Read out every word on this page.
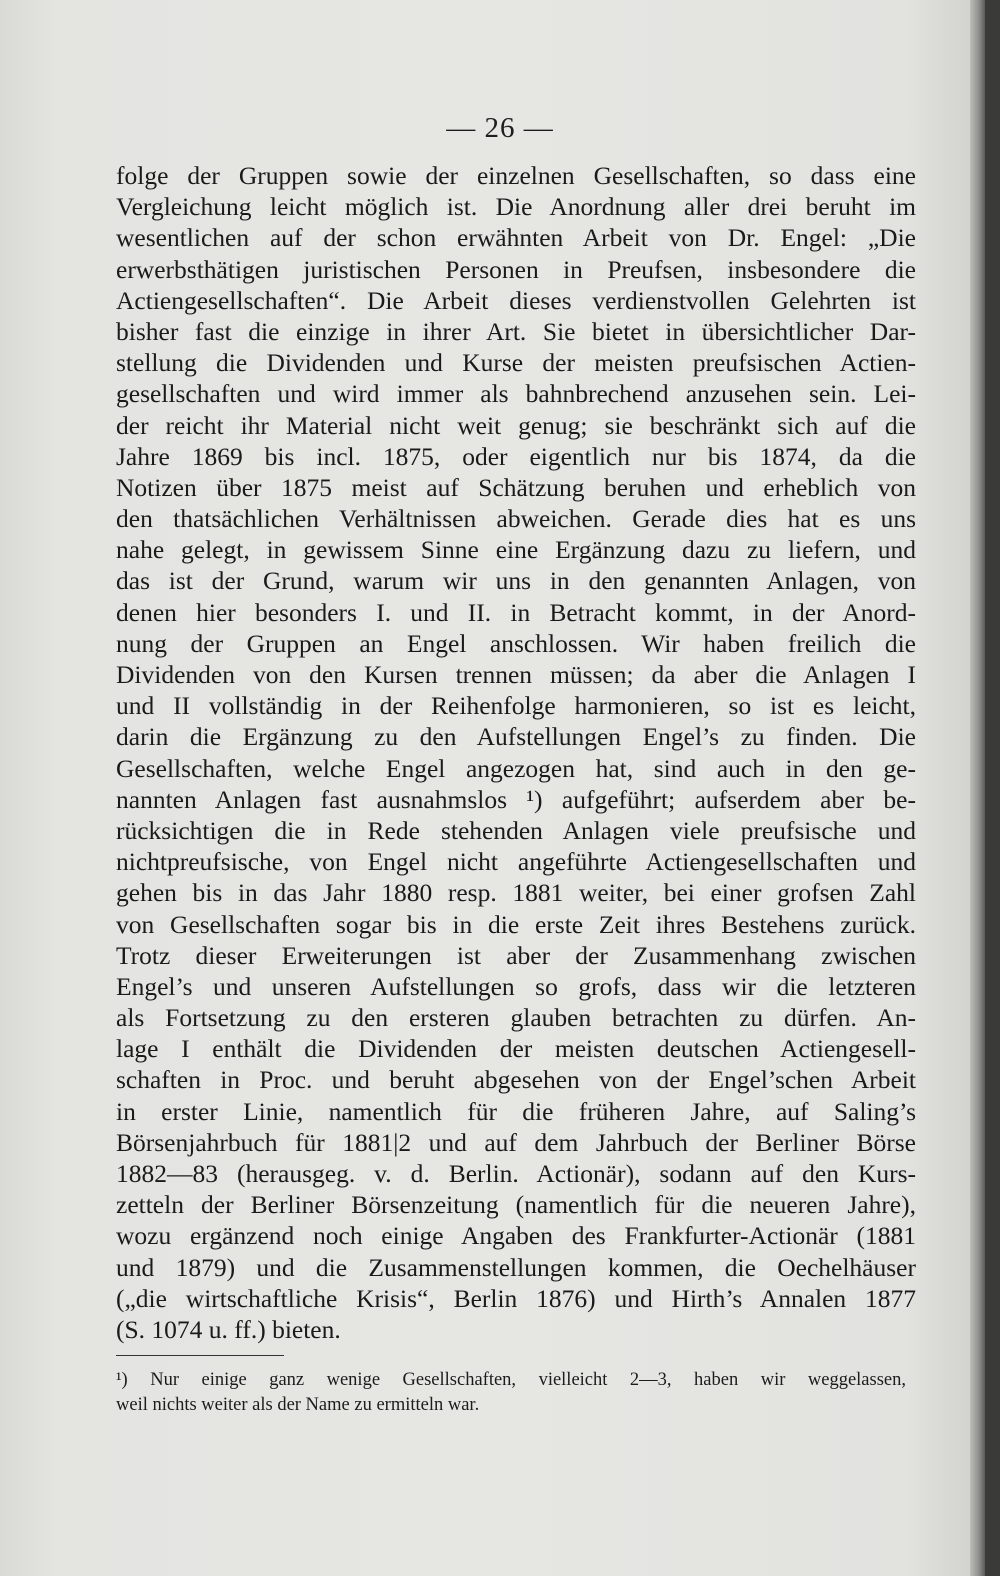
— 26 —
folge der Gruppen sowie der einzelnen Gesellschaften, so dass eine
Vergleichung leicht möglich ist. Die Anordnung aller drei beruht im
wesentlichen auf der schon erwähnten Arbeit von Dr. Engel: „Die
erwerbsthätigen juristischen Personen in Preufsen, insbesondere die
Actiengesellschaften“. Die Arbeit dieses verdienstvollen Gelehrten ist
bisher fast die einzige in ihrer Art. Sie bietet in übersichtlicher Dar-
stellung die Dividenden und Kurse der meisten preufsischen Actien-
gesellschaften und wird immer als bahnbrechend anzusehen sein. Lei-
der reicht ihr Material nicht weit genug; sie beschränkt sich auf die
Jahre 1869 bis incl. 1875, oder eigentlich nur bis 1874, da die
Notizen über 1875 meist auf Schätzung beruhen und erheblich von
den thatsächlichen Verhältnissen abweichen. Gerade dies hat es uns
nahe gelegt, in gewissem Sinne eine Ergänzung dazu zu liefern, und
das ist der Grund, warum wir uns in den genannten Anlagen, von
denen hier besonders I. und II. in Betracht kommt, in der Anord-
nung der Gruppen an Engel anschlossen. Wir haben freilich die
Dividenden von den Kursen trennen müssen; da aber die Anlagen I
und II vollständig in der Reihenfolge harmonieren, so ist es leicht,
darin die Ergänzung zu den Aufstellungen Engel’s zu finden. Die
Gesellschaften, welche Engel angezogen hat, sind auch in den ge-
nannten Anlagen fast ausnahmslos ¹) aufgeführt; aufserdem aber be-
rücksichtigen die in Rede stehenden Anlagen viele preufsische und
nichtpreufsische, von Engel nicht angeführte Actiengesellschaften und
gehen bis in das Jahr 1880 resp. 1881 weiter, bei einer grofsen Zahl
von Gesellschaften sogar bis in die erste Zeit ihres Bestehens zurück.
Trotz dieser Erweiterungen ist aber der Zusammenhang zwischen
Engel’s und unseren Aufstellungen so grofs, dass wir die letzteren
als Fortsetzung zu den ersteren glauben betrachten zu dürfen. An-
lage I enthält die Dividenden der meisten deutschen Actiengesell-
schaften in Proc. und beruht abgesehen von der Engel’schen Arbeit
in erster Linie, namentlich für die früheren Jahre, auf Saling’s
Börsenjahrbuch für 1881|2 und auf dem Jahrbuch der Berliner Börse
1882—83 (herausgeg. v. d. Berlin. Actionär), sodann auf den Kurs-
zetteln der Berliner Börsenzeitung (namentlich für die neueren Jahre),
wozu ergänzend noch einige Angaben des Frankfurter-Actionär (1881
und 1879) und die Zusammenstellungen kommen, die Oechelhäuser
(„die wirtschaftliche Krisis“, Berlin 1876) und Hirth’s Annalen 1877
(S. 1074 u. ff.) bieten.
¹) Nur einige ganz wenige Gesellschaften, vielleicht 2—3, haben wir weggelassen,
weil nichts weiter als der Name zu ermitteln war.
